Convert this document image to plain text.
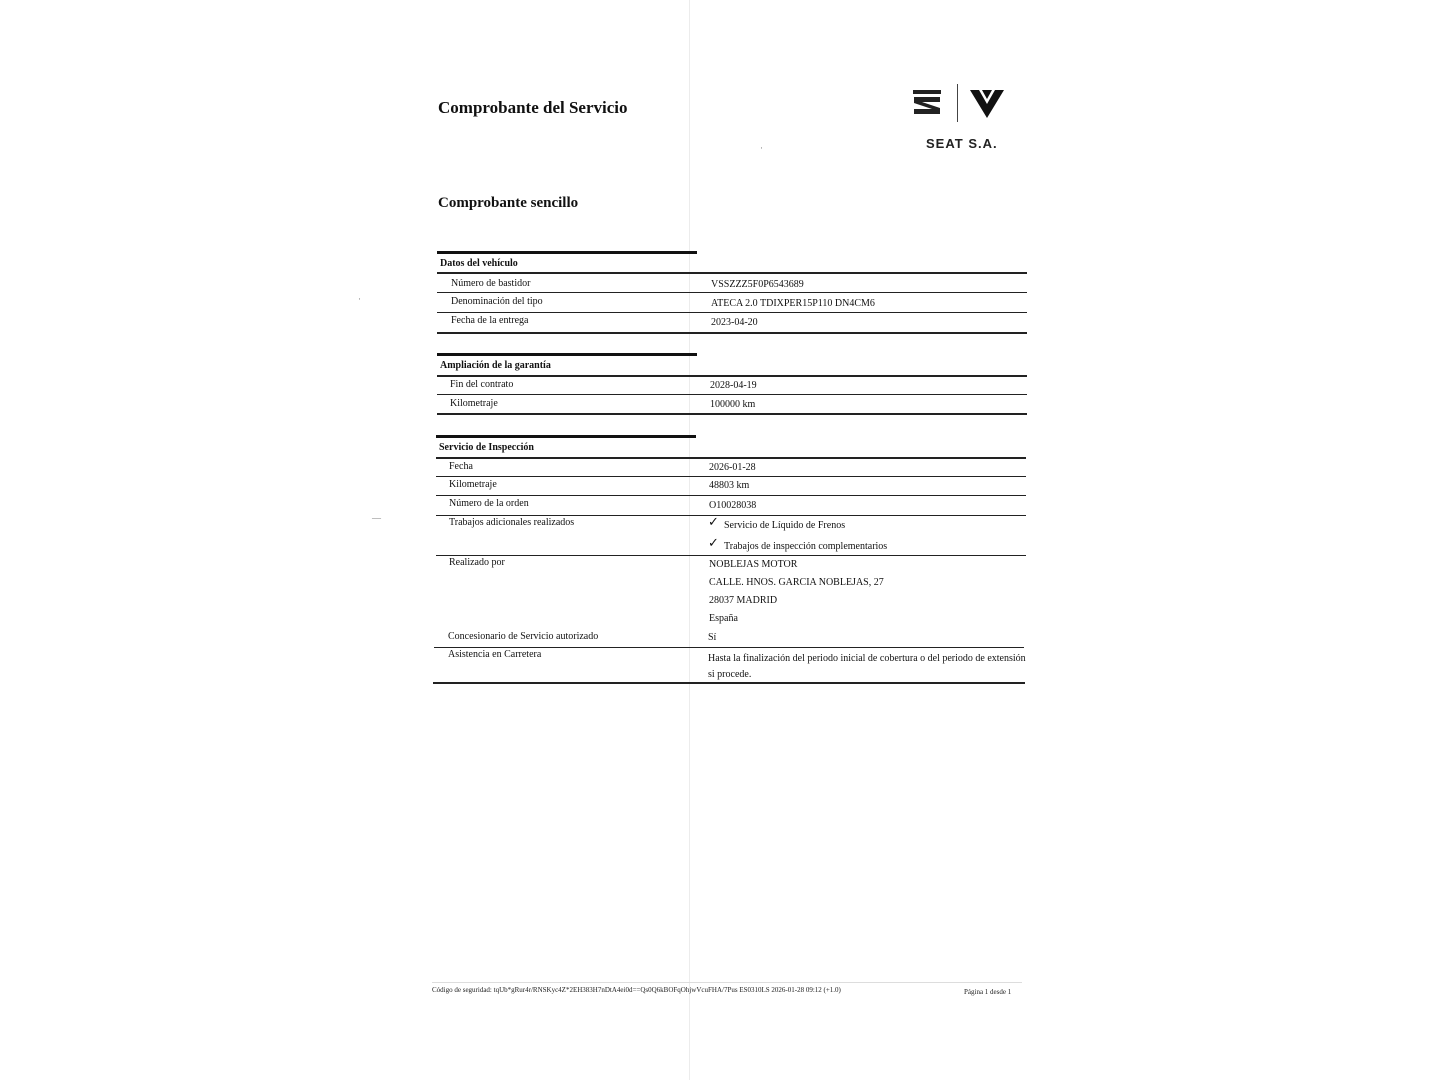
·
—
·
Comprobante del Servicio
SEAT S.A.
Comprobante sencillo
Datos del vehículo
Número de bastidor	VSSZZZ5F0P6543689
Denominación del tipo	ATECA 2.0 TDIXPER15P110 DN4CM6
Fecha de la entrega	2023-04-20
Ampliación de la garantía
Fin del contrato	2028-04-19
Kilometraje	100000 km
Servicio de Inspección
Fecha	2026-01-28
Kilometraje	48803 km
Número de la orden	O10028038
Trabajos adicionales realizados	✓ Servicio de Líquido de Frenos
✓ Trabajos de inspección complementarios
Realizado por	NOBLEJAS MOTOR
CALLE. HNOS. GARCIA NOBLEJAS, 27
28037 MADRID
España
Concesionario de Servicio autorizado	Sí
Asistencia en Carretera	Hasta la finalización del periodo inicial de cobertura o del periodo de extensión
si procede.
Código de seguridad: tqUb*gRur4r/RNSKyc4Z*2EH383H7nDtA4ei0d==Qs0Q6kBOFqOhjwVcuFHA/7Pus ES0310LS 2026-01-28 09:12 (+1.0)	Página 1 desde 1
